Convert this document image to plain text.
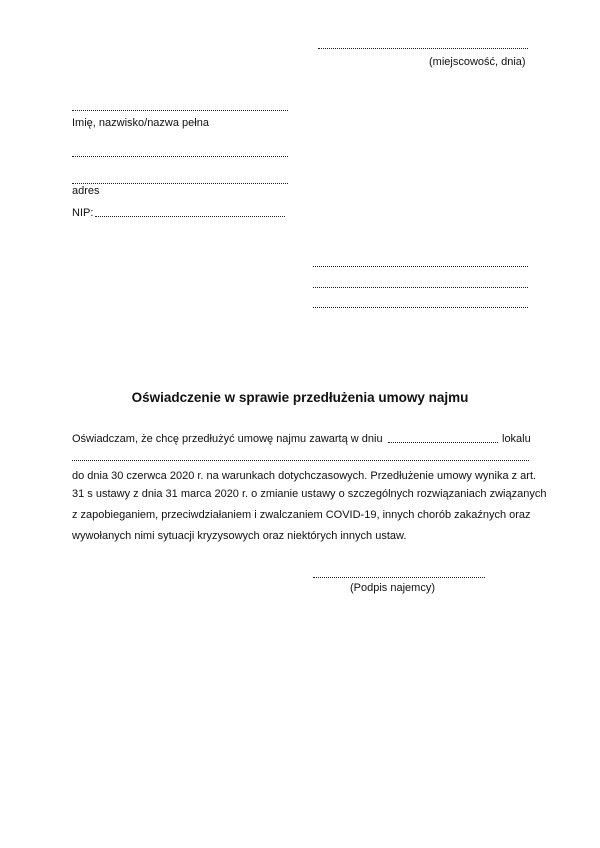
(miejscowość, dnia)
Imię, nazwisko/nazwa pełna
adres
NIP:
Oświadczenie w sprawie przedłużenia umowy najmu
Oświadczam, że chcę przedłużyć umowę najmu zawartą w dniu	lokalu
do dnia 30 czerwca 2020 r. na warunkach dotychczasowych. Przedłużenie umowy wynika z art.
31 s ustawy z dnia 31 marca 2020 r. o zmianie ustawy o szczególnych rozwiązaniach związanych
z zapobieganiem, przeciwdziałaniem i zwalczaniem COVID-19, innych chorób zakaźnych oraz
wywołanych nimi sytuacji kryzysowych oraz niektórych innych ustaw.
(Podpis najemcy)
